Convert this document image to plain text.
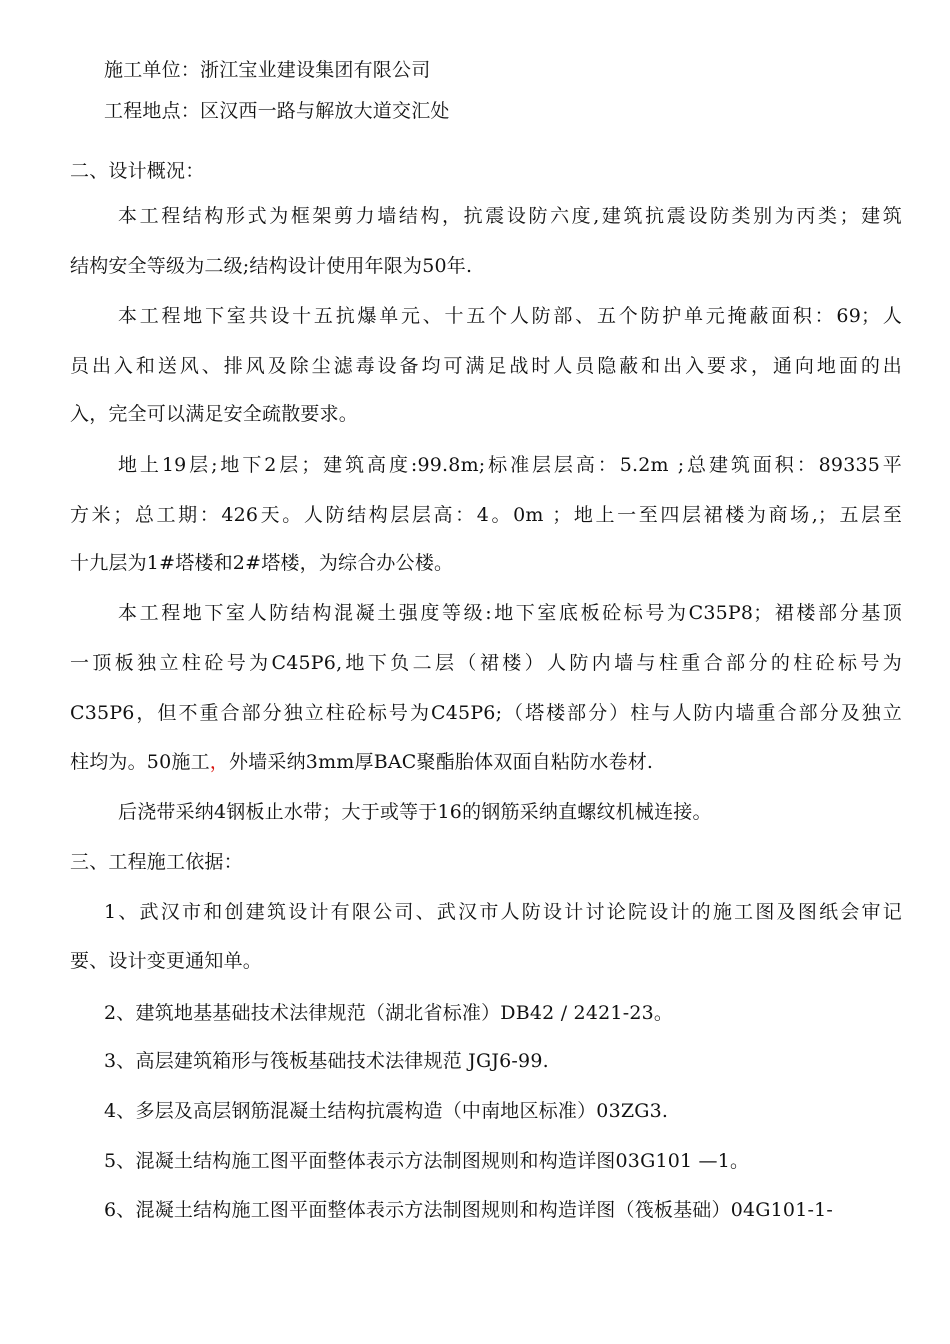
施工单位：浙江宝业建设集团有限公司
工程地点：区汉西一路与解放大道交汇处
二、设计概况：
本工程结构形式为框架剪力墙结构，抗震设防六度,建筑抗震设防类别为丙类；建筑
结构安全等级为二级;结构设计使用年限为50年.
本工程地下室共设十五抗爆单元、十五个人防部、五个防护单元掩蔽面积：69；人
员出入和送风、排风及除尘滤毒设备均可满足战时人员隐蔽和出入要求，通向地面的出
入，完全可以满足安全疏散要求。
地上19层;地下2层；建筑高度:99.8m;标准层层高：5.2m ;总建筑面积：89335平
方米；总工期：426天。人防结构层层高：4。0m ；地上一至四层裙楼为商场,；五层至
十九层为1#塔楼和2#塔楼，为综合办公楼。
本工程地下室人防结构混凝土强度等级:地下室底板砼标号为C35P8；裙楼部分基顶
一顶板独立柱砼号为C45P6,地下负二层（裙楼）人防内墙与柱重合部分的柱砼标号为
C35P6，但不重合部分独立柱砼标号为C45P6;（塔楼部分）柱与人防内墙重合部分及独立
柱均为。50施工，外墙采纳3mm厚BAC聚酯胎体双面自粘防水卷材.
后浇带采纳4钢板止水带；大于或等于16的钢筋采纳直螺纹机械连接。
三、工程施工依据：
1、武汉市和创建筑设计有限公司、武汉市人防设计讨论院设计的施工图及图纸会审记
要、设计变更通知单。
2、建筑地基基础技术法律规范（湖北省标准）DB42 / 2421-23。
3、高层建筑箱形与筏板基础技术法律规范 JGJ6-99.
4、多层及高层钢筋混凝土结构抗震构造（中南地区标准）03ZG3.
5、混凝土结构施工图平面整体表示方法制图规则和构造详图03G101 —1。
6、混凝土结构施工图平面整体表示方法制图规则和构造详图（筏板基础）04G101-1-
